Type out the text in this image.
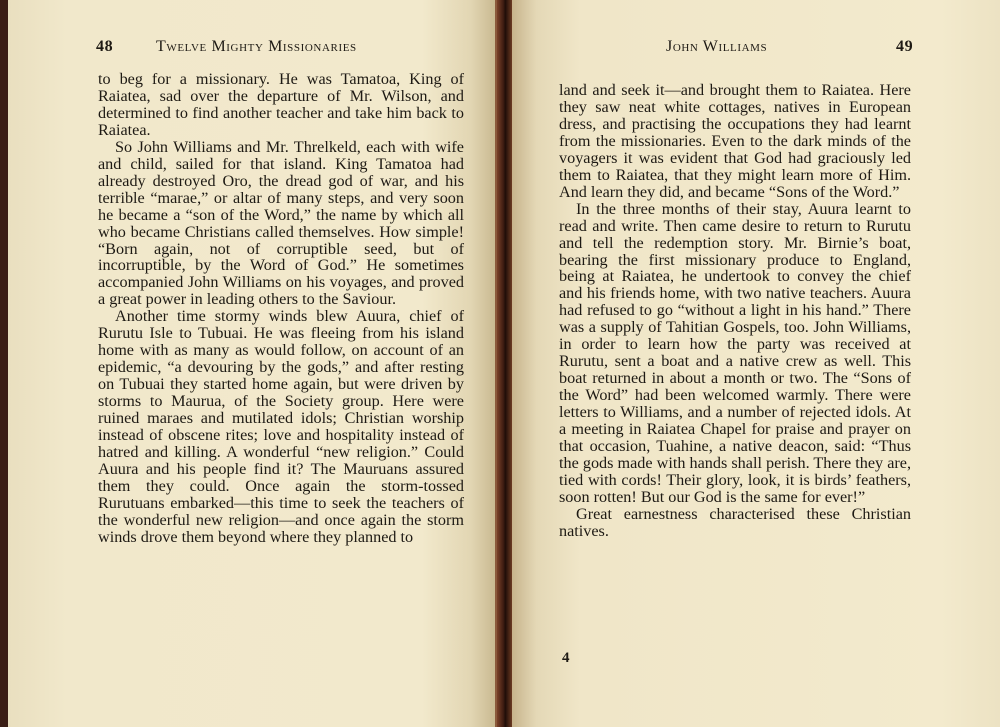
48	Twelve Mighty Missionaries

to beg for a missionary. He was Tamatoa, King of Raiatea, sad over the departure of Mr. Wilson, and determined to find another teacher and take him back to Raiatea.

So John Williams and Mr. Threlkeld, each with wife and child, sailed for that island. King Tamatoa had already destroyed Oro, the dread god of war, and his terrible “marae,” or altar of many steps, and very soon he became a “son of the Word,” the name by which all who became Christians called themselves. How simple! “Born again, not of corruptible seed, but of incorruptible, by the Word of God.” He sometimes accompanied John Williams on his voyages, and proved a great power in leading others to the Saviour.

Another time stormy winds blew Auura, chief of Rurutu Isle to Tubuai. He was fleeing from his island home with as many as would follow, on account of an epidemic, “a devouring by the gods,” and after resting on Tubuai they started home again, but were driven by storms to Maurua, of the Society group. Here were ruined maraes and mutilated idols; Christian worship instead of obscene rites; love and hospitality instead of hatred and killing. A wonderful “new religion.” Could Auura and his people find it? The Mauruans assured them they could. Once again the storm-tossed Rurutuans embarked—this time to seek the teachers of the wonderful new religion—and once again the storm winds drove them beyond where they planned to

John Williams	49

land and seek it—and brought them to Raiatea. Here they saw neat white cottages, natives in European dress, and practising the occupations they had learnt from the missionaries. Even to the dark minds of the voyagers it was evident that God had graciously led them to Raiatea, that they might learn more of Him. And learn they did, and became “Sons of the Word.”

In the three months of their stay, Auura learnt to read and write. Then came desire to return to Rurutu and tell the redemption story. Mr. Birnie’s boat, bearing the first missionary produce to England, being at Raiatea, he undertook to convey the chief and his friends home, with two native teachers. Auura had refused to go “without a light in his hand.” There was a supply of Tahitian Gospels, too. John Williams, in order to learn how the party was received at Rurutu, sent a boat and a native crew as well. This boat returned in about a month or two. The “Sons of the Word” had been welcomed warmly. There were letters to Williams, and a number of rejected idols. At a meeting in Raiatea Chapel for praise and prayer on that occasion, Tuahine, a native deacon, said: “Thus the gods made with hands shall perish. There they are, tied with cords! Their glory, look, it is birds’ feathers, soon rotten! But our God is the same for ever!”

Great earnestness characterised these Christian natives.

4
